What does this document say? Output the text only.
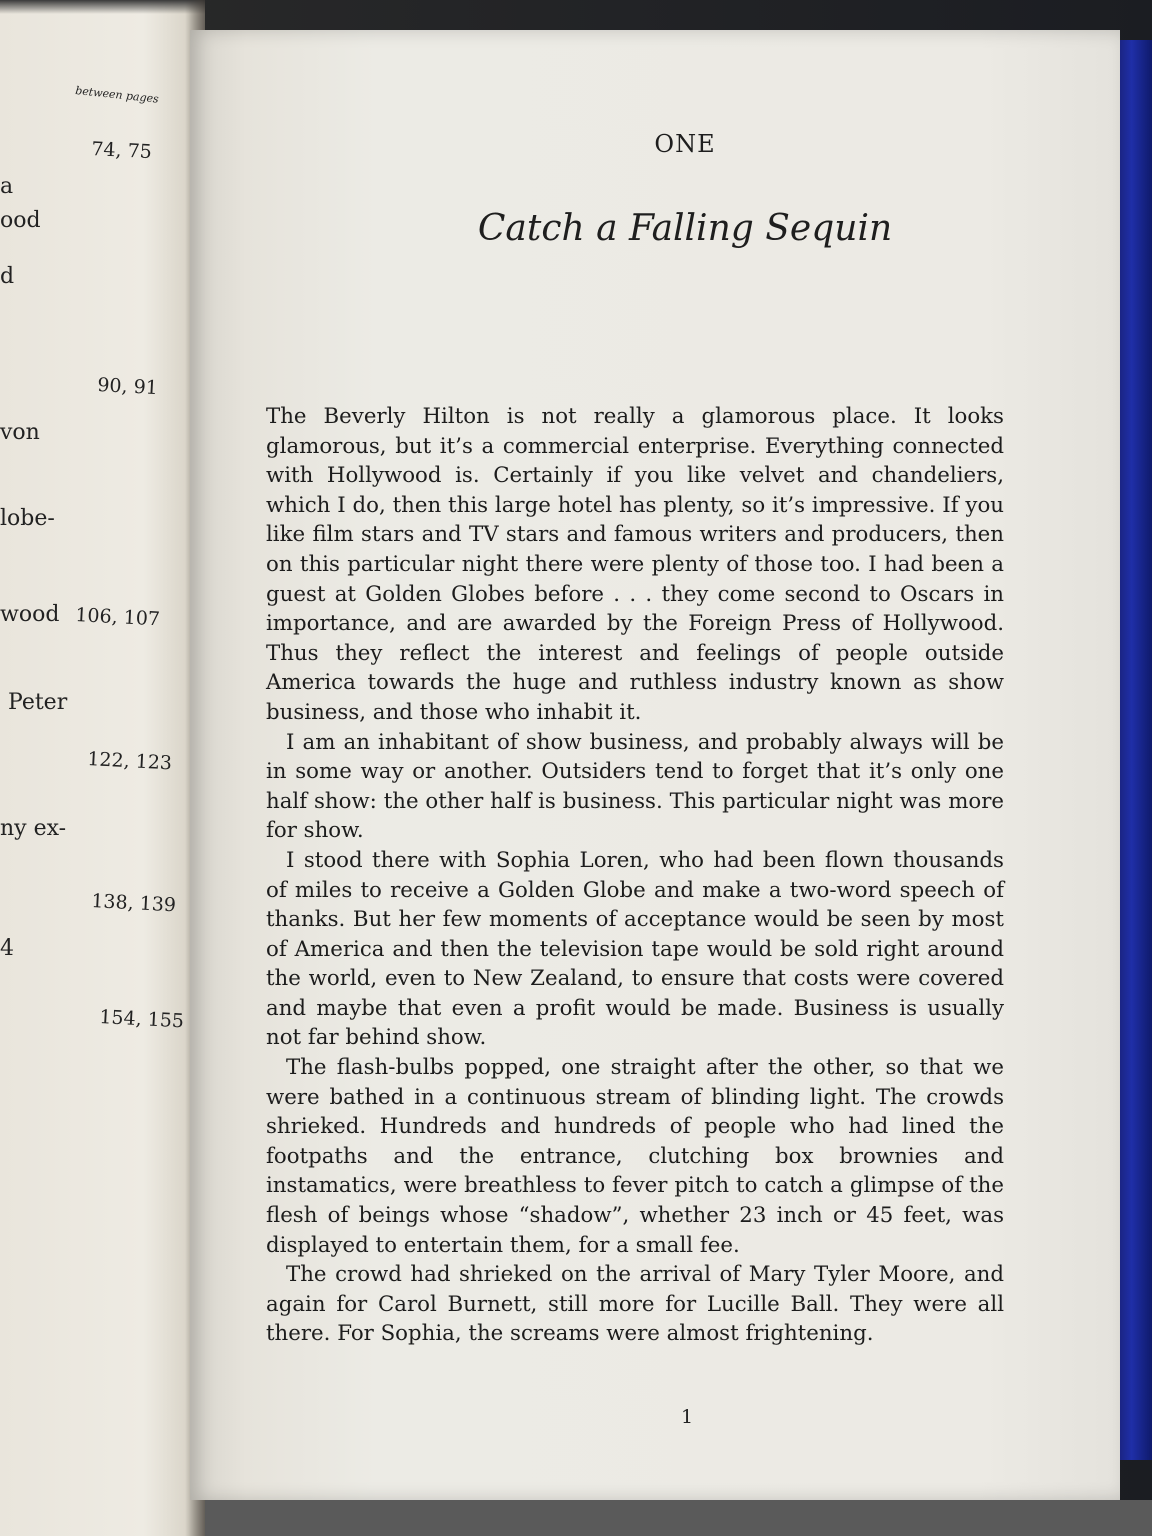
between pages
74, 75
a
ood
d
90, 91
von
lobe-
wood 106, 107
Peter
122, 123
ny ex-
138, 139
4
154, 155
ONE
Catch a Falling Sequin

The Beverly Hilton is not really a glamorous place. It looks glamorous, but it’s a commercial enterprise. Everything connected with Hollywood is. Certainly if you like velvet and chandeliers, which I do, then this large hotel has plenty, so it’s impressive. If you like film stars and TV stars and famous writers and producers, then on this particular night there were plenty of those too. I had been a guest at Golden Globes before . . . they come second to Oscars in importance, and are awarded by the Foreign Press of Hollywood. Thus they reflect the interest and feelings of people outside America towards the huge and ruthless industry known as show business, and those who inhabit it.

I am an inhabitant of show business, and probably always will be in some way or another. Outsiders tend to forget that it’s only one half show: the other half is business. This particular night was more for show.

I stood there with Sophia Loren, who had been flown thousands of miles to receive a Golden Globe and make a two-word speech of thanks. But her few moments of acceptance would be seen by most of America and then the television tape would be sold right around the world, even to New Zealand, to ensure that costs were covered and maybe that even a profit would be made. Business is usually not far behind show.

The flash-bulbs popped, one straight after the other, so that we were bathed in a continuous stream of blinding light. The crowds shrieked. Hundreds and hundreds of people who had lined the footpaths and the entrance, clutching box brownies and instamatics, were breathless to fever pitch to catch a glimpse of the flesh of beings whose “shadow”, whether 23 inch or 45 feet, was displayed to entertain them, for a small fee.

The crowd had shrieked on the arrival of Mary Tyler Moore, and again for Carol Burnett, still more for Lucille Ball. They were all there. For Sophia, the screams were almost frightening.

1
